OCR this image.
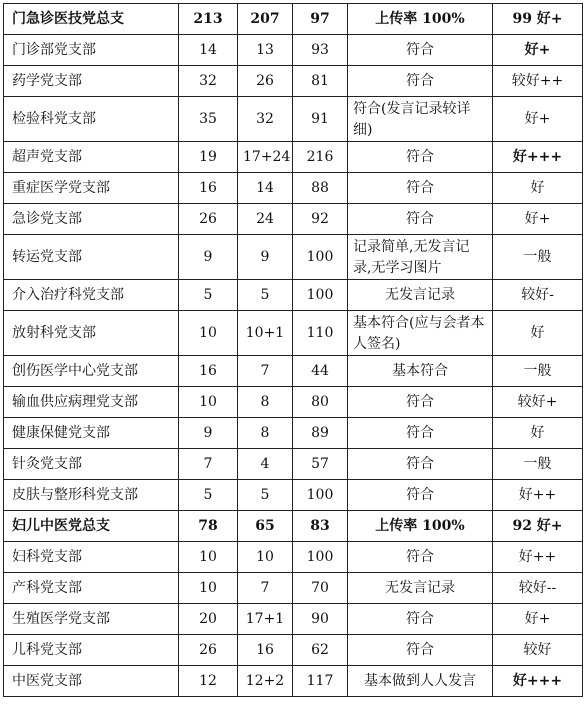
门急诊医技党总支	213	207	97	上传率 100%	99 好+
门诊部党支部	14	13	93	符合	好+
药学党支部	32	26	81	符合	较好++
检验科党支部	35	32	91	符合(发言记录较详细)	好+
超声党支部	19	17+24	216	符合	好+++
重症医学党支部	16	14	88	符合	好
急诊党支部	26	24	92	符合	好+
转运党支部	9	9	100	记录简单,无发言记录,无学习图片	一般
介入治疗科党支部	5	5	100	无发言记录	较好-
放射科党支部	10	10+1	110	基本符合(应与会者本人签名)	好
创伤医学中心党支部	16	7	44	基本符合	一般
输血供应病理党支部	10	8	80	符合	较好+
健康保健党支部	9	8	89	符合	好
针灸党支部	7	4	57	符合	一般
皮肤与整形科党支部	5	5	100	符合	好++
妇儿中医党总支	78	65	83	上传率 100%	92 好+
妇科党支部	10	10	100	符合	好++
产科党支部	10	7	70	无发言记录	较好--
生殖医学党支部	20	17+1	90	符合	好+
儿科党支部	26	16	62	符合	较好
中医党支部	12	12+2	117	基本做到人人发言	好+++
